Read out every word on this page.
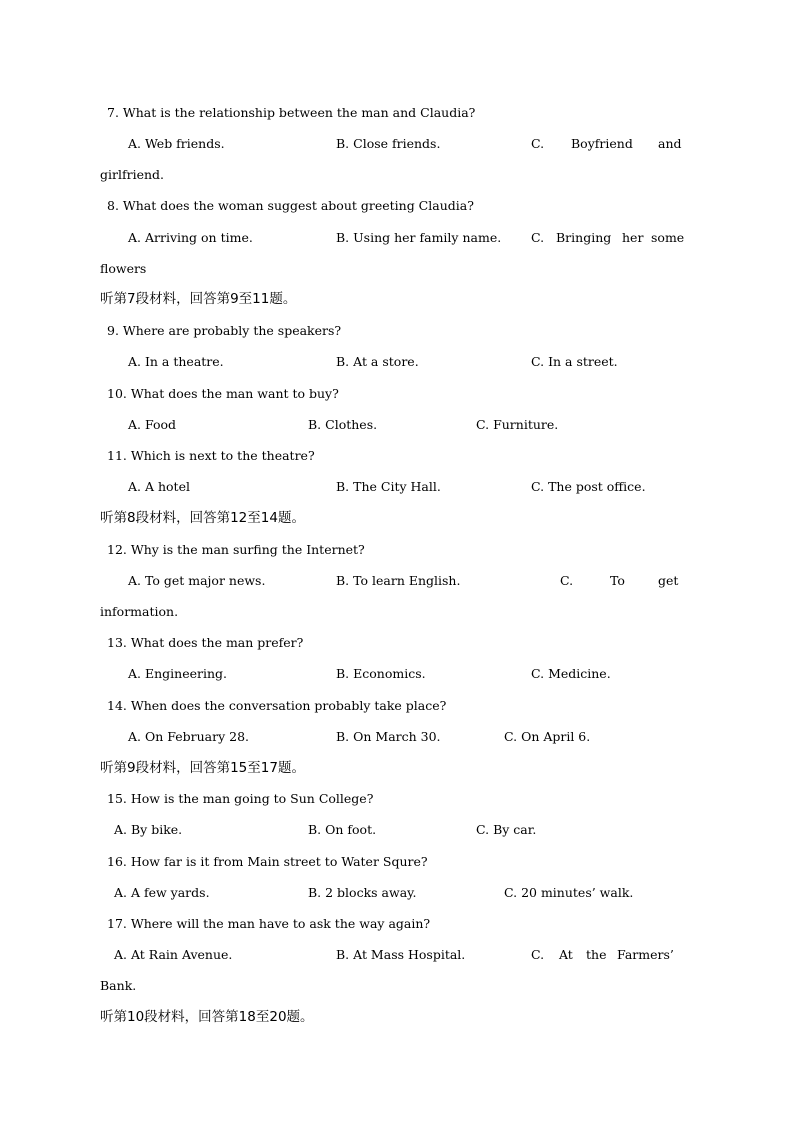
7. What is the relationship between the man and Claudia?
A. Web friends.	B. Close friends.	C. Boyfriend and
girlfriend.
8. What does the woman suggest about greeting Claudia?
A. Arriving on time.	B. Using her family name. C. Bringing her some
flowers
听第7段材料，回答第9至11题。
9. Where are probably the speakers?
A. In a theatre.	B. At a store.	C. In a street.
10. What does the man want to buy?
A. Food	B. Clothes.	C. Furniture.
11. Which is next to the theatre?
A. A hotel	B. The City Hall.	C. The post office.
听第8段材料，回答第12至14题。
12. Why is the man surfing the Internet?
A. To get major news.	B. To learn English.	C.	To	get
information.
13. What does the man prefer?
A. Engineering.	B. Economics.	C. Medicine.
14. When does the conversation probably take place?
A. On February 28.	B. On March 30.	C. On April 6.
听第9段材料，回答第15至17题。
15. How is the man going to Sun College?
A. By bike.	B. On foot.	C. By car.
16. How far is it from Main street to Water Squre?
A. A few yards.	B. 2 blocks away.	C. 20 minutes’ walk.
17. Where will the man have to ask the way again?
A. At Rain Avenue.	B. At Mass Hospital.	C. At the Farmers’
Bank.
听第10段材料，回答第18至20题。
